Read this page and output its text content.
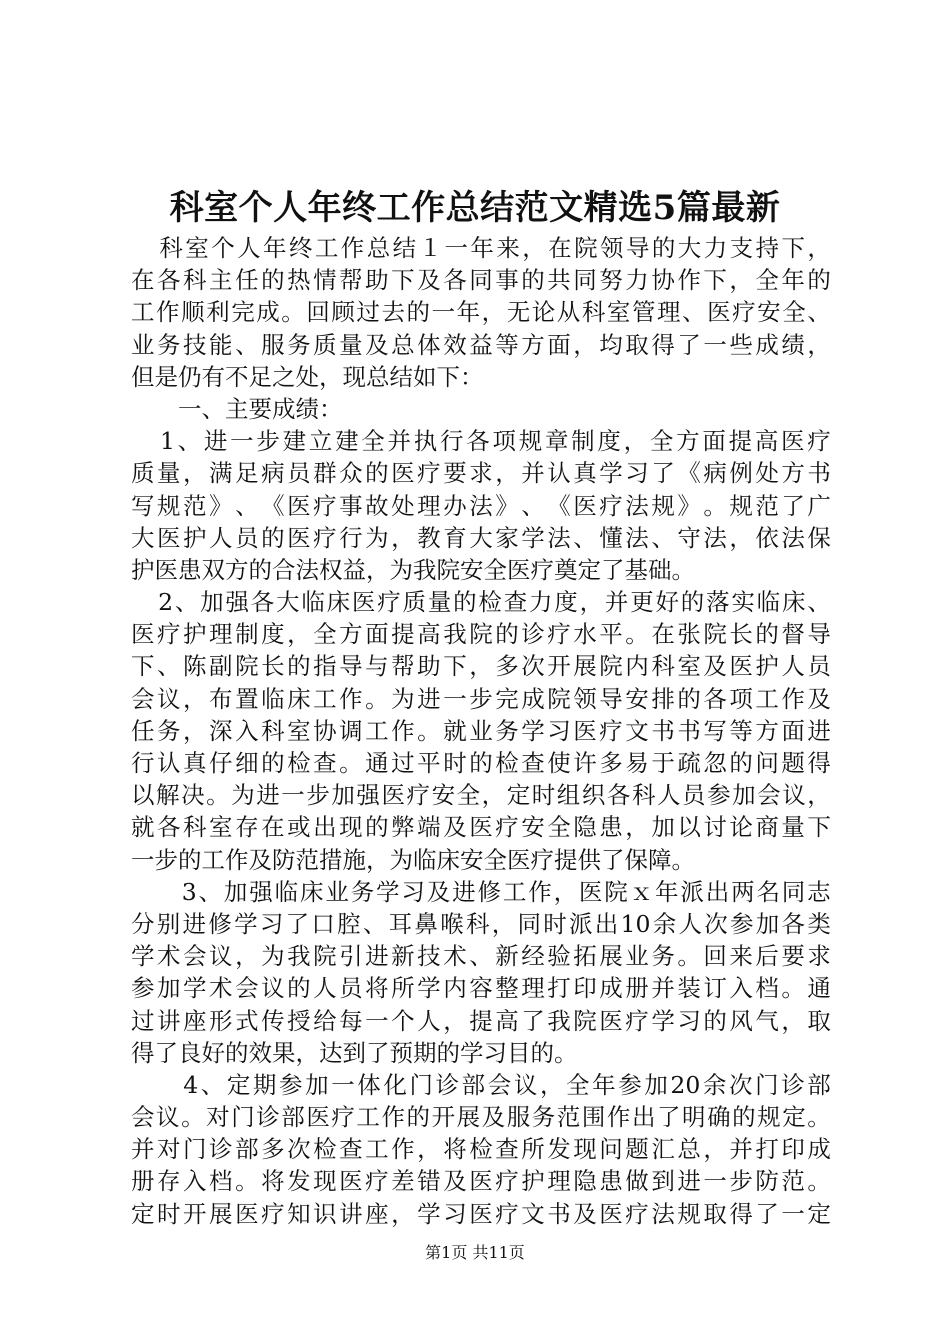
科室个人年终工作总结范文精选5篇最新

科 室 个 人 年 终 工 作 总 结 １ 一 年 来 ， 在 院 领 导 的 大 力 支 持 下 ，
在 各 科 主 任 的 热 情 帮 助 下 及 各 同 事 的 共 同 努 力 协 作 下 ， 全 年 的
工 作 顺 利 完 成 。 回 顾 过 去 的 一 年 ， 无 论 从 科 室 管 理 、 医 疗 安 全 、
业 务 技 能 、 服 务 质 量 及 总 体 效 益 等 方 面 ， 均 取 得 了 一 些 成 绩 ，
但是仍有不足之处，现总结如下：
　　一、主要成绩：

1 、 进 一 步 建 立 建 全 并 执 行 各 项 规 章 制 度 ， 全 方 面 提 高 医 疗
质 量 ， 满 足 病 员 群 众 的 医 疗 要 求 ， 并 认 真 学 习 了 《 病 例 处 方 书
写 规 范 》 、 《 医 疗 事 故 处 理 办 法 》 、 《 医 疗 法 规 》 。 规 范 了 广
大 医 护 人 员 的 医 疗 行 为 ， 教 育 大 家 学 法 、 懂 法 、 守 法 ， 依 法 保
护医患双方的合法权益，为我院安全医疗奠定了基础。

2 、 加 强 各 大 临 床 医 疗 质 量 的 检 查 力 度 ， 并 更 好 的 落 实 临 床 、
医 疗 护 理 制 度 ， 全 方 面 提 高 我 院 的 诊 疗 水 平 。 在 张 院 长 的 督 导
下 、 陈 副 院 长 的 指 导 与 帮 助 下 ， 多 次 开 展 院 内 科 室 及 医 护 人 员
会 议 ， 布 置 临 床 工 作 。 为 进 一 步 完 成 院 领 导 安 排 的 各 项 工 作 及
任 务 ， 深 入 科 室 协 调 工 作 。 就 业 务 学 习 医 疗 文 书 书 写 等 方 面 进
行 认 真 仔 细 的 检 查 。 通 过 平 时 的 检 查 使 许 多 易 于 疏 忽 的 问 题 得
以 解 决 。 为 进 一 步 加 强 医 疗 安 全 ， 定 时 组 织 各 科 人 员 参 加 会 议 ，
就 各 科 室 存 在 或 出 现 的 弊 端 及 医 疗 安 全 隐 患 ， 加 以 讨 论 商 量 下
一步的工作及防范措施，为临床安全医疗提供了保障。

3 、 加 强 临 床 业 务 学 习 及 进 修 工 作 ， 医 院 ｘ 年 派 出 两 名 同 志
分 别 进 修 学 习 了 口 腔 、 耳 鼻 喉 科 ， 同 时 派 出 10 余 人 次 参 加 各 类
学 术 会 议 ， 为 我 院 引 进 新 技 术 、 新 经 验 拓 展 业 务 。 回 来 后 要 求
参 加 学 术 会 议 的 人 员 将 所 学 内 容 整 理 打 印 成 册 并 装 订 入 档 。 通
过 讲 座 形 式 传 授 给 每 一 个 人 ， 提 高 了 我 院 医 疗 学 习 的 风 气 ， 取
得了良好的效果，达到了预期的学习目的。

4 、 定 期 参 加 一 体 化 门 诊 部 会 议 ， 全 年 参 加 20 余 次 门 诊 部
会 议 。 对 门 诊 部 医 疗 工 作 的 开 展 及 服 务 范 围 作 出 了 明 确 的 规 定 。
并 对 门 诊 部 多 次 检 查 工 作 ， 将 检 查 所 发 现 问 题 汇 总 ， 并 打 印 成
册 存 入 档 。 将 发 现 医 疗 差 错 及 医 疗 护 理 隐 患 做 到 进 一 步 防 范 。
定 时 开 展 医 疗 知 识 讲 座 ， 学 习 医 疗 文 书 及 医 疗 法 规 取 得 了 一 定
第1页 共11页
